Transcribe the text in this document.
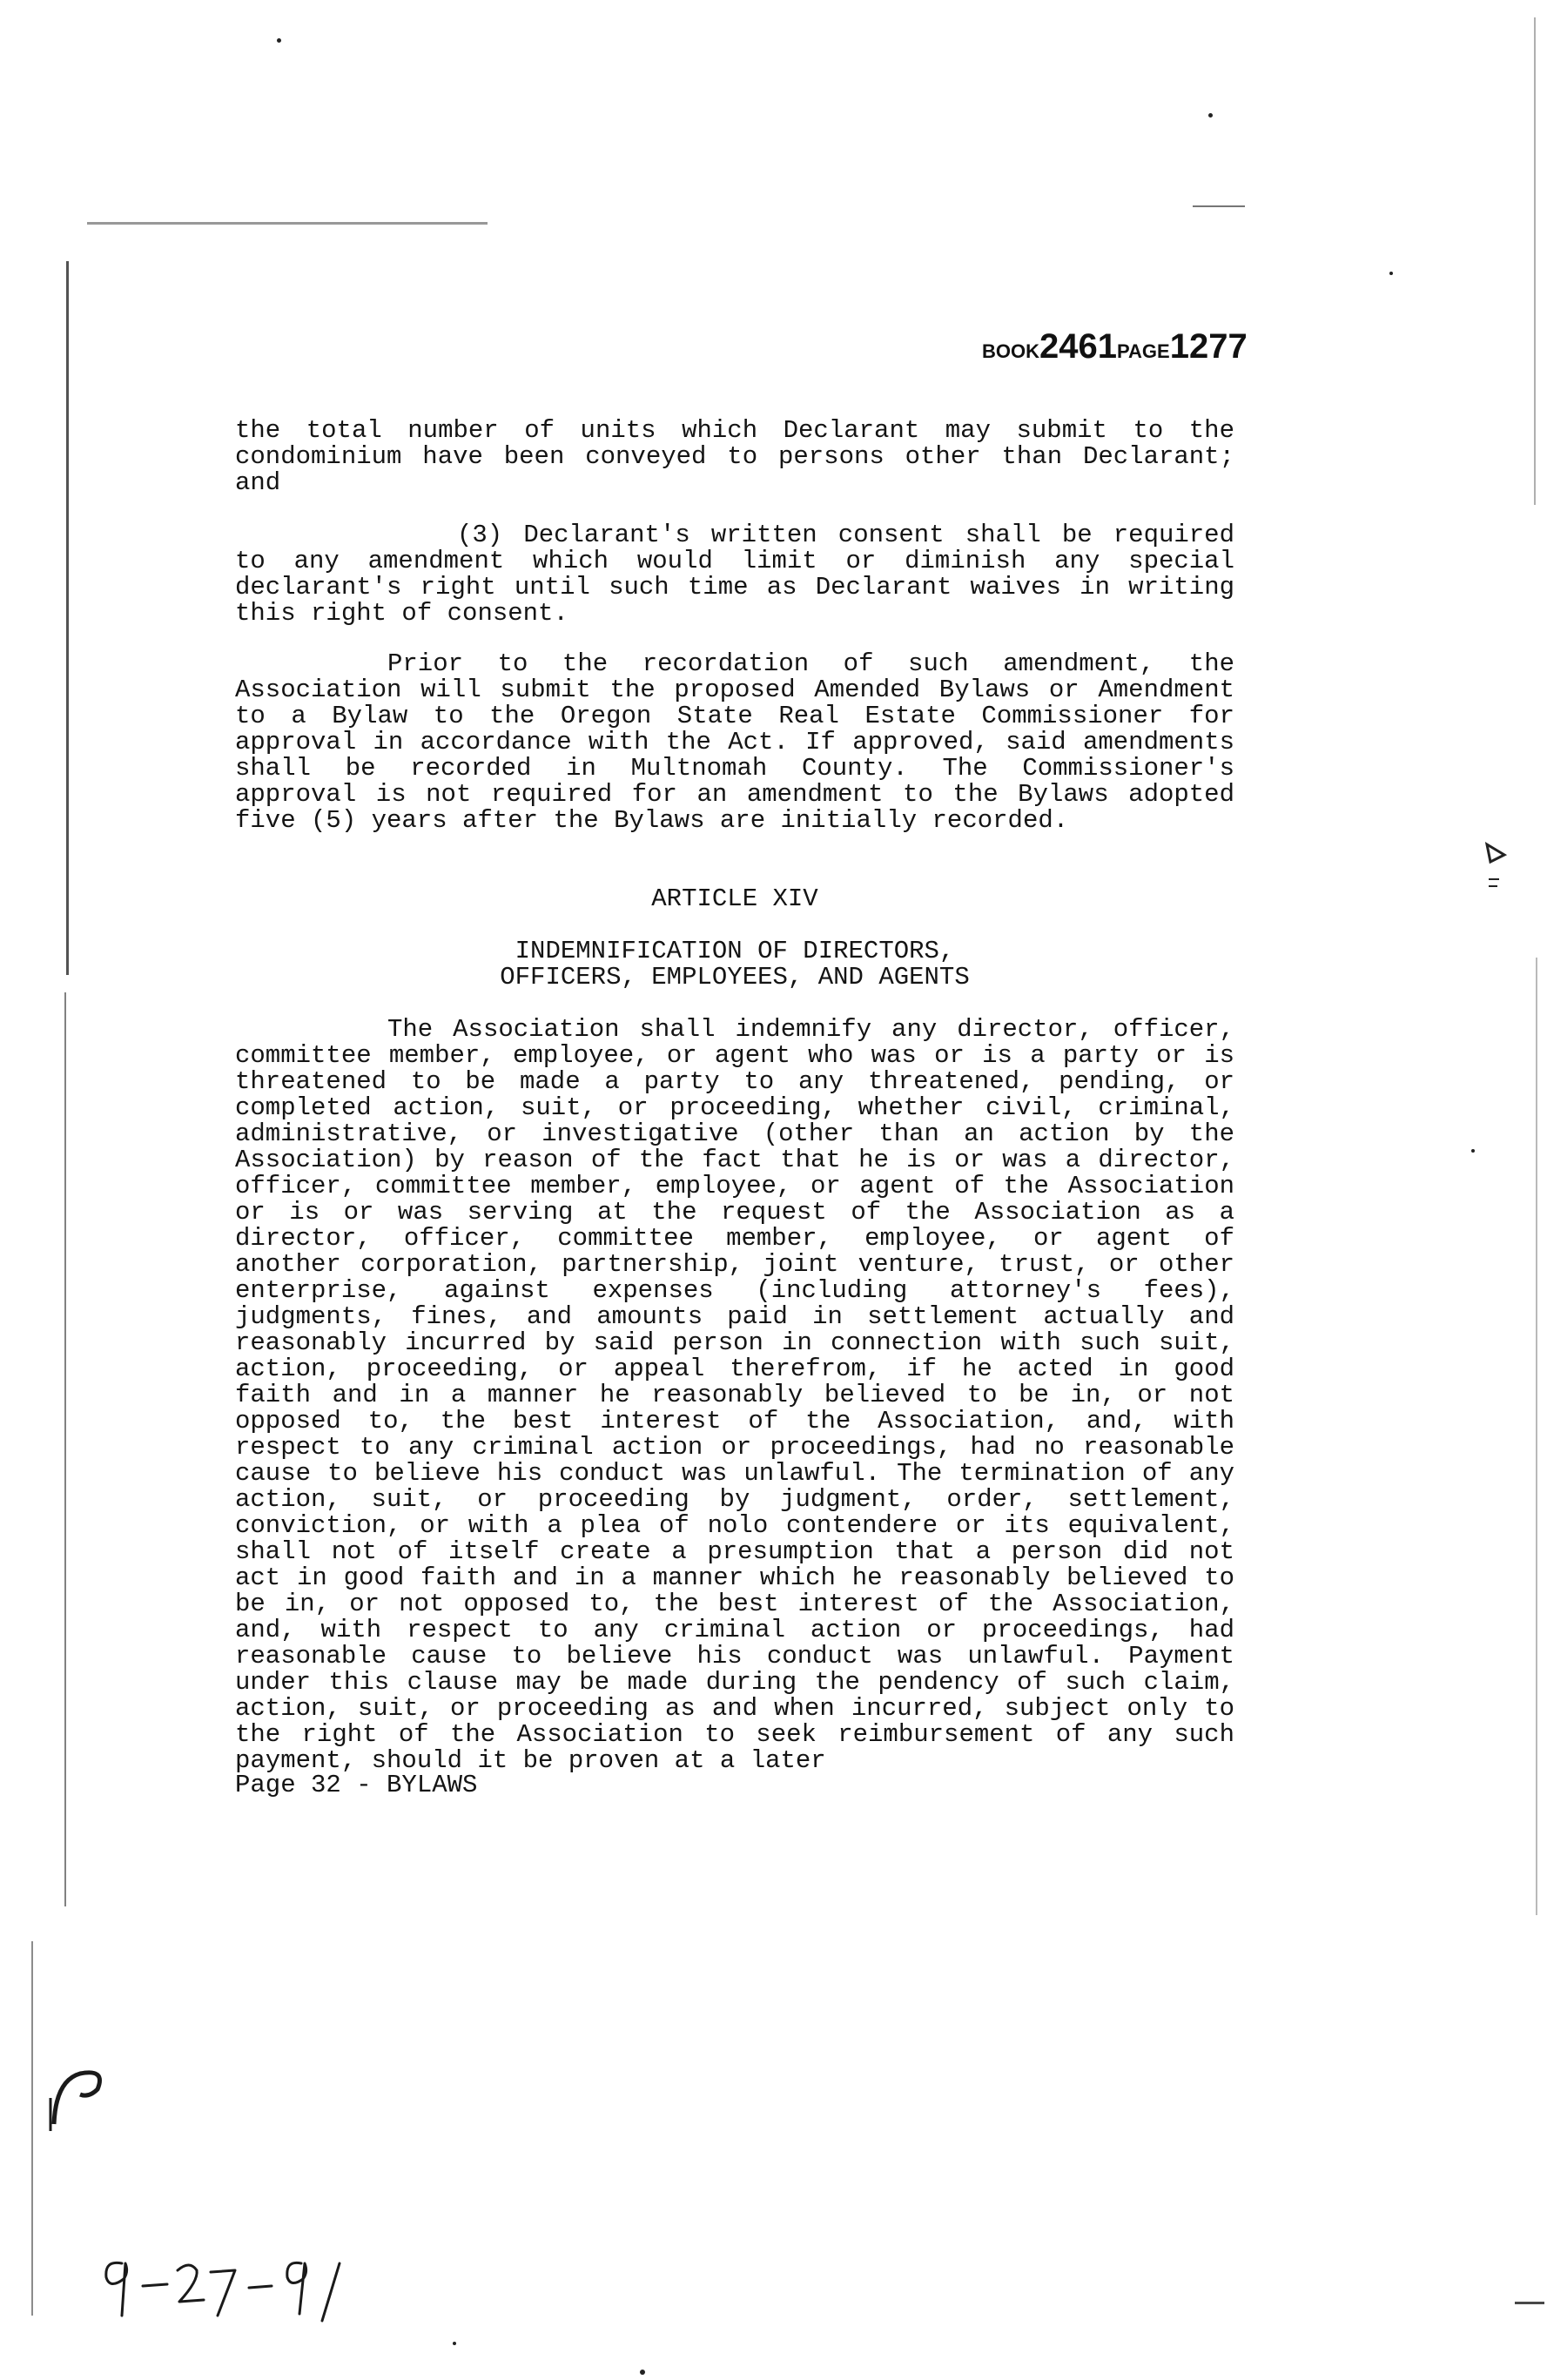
BOOK2461PAGE1277

the total number of units which Declarant may submit to the condominium have been conveyed to persons other than Declarant; and

(3) Declarant's written consent shall be required to any amendment which would limit or diminish any special declarant's right until such time as Declarant waives in writing this right of consent.

Prior to the recordation of such amendment, the Association will submit the proposed Amended Bylaws or Amendment to a Bylaw to the Oregon State Real Estate Commissioner for approval in accordance with the Act. If approved, said amendments shall be recorded in Multnomah County. The Commissioner's approval is not required for an amendment to the Bylaws adopted five (5) years after the Bylaws are initially recorded.

ARTICLE XIV

INDEMNIFICATION OF DIRECTORS,

OFFICERS, EMPLOYEES, AND AGENTS

The Association shall indemnify any director, officer, committee member, employee, or agent who was or is a party or is threatened to be made a party to any threatened, pending, or completed action, suit, or proceeding, whether civil, criminal, administrative, or investigative (other than an action by the Association) by reason of the fact that he is or was a director, officer, committee member, employee, or agent of the Association or is or was serving at the request of the Association as a director, officer, committee member, employee, or agent of another corporation, partnership, joint venture, trust, or other enterprise, against expenses (including attorney's fees), judgments, fines, and amounts paid in settlement actually and reasonably incurred by said person in connection with such suit, action, proceeding, or appeal therefrom, if he acted in good faith and in a manner he reasonably believed to be in, or not opposed to, the best interest of the Association, and, with respect to any criminal action or proceedings, had no reasonable cause to believe his conduct was unlawful. The termination of any action, suit, or proceeding by judgment, order, settlement, conviction, or with a plea of nolo contendere or its equivalent, shall not of itself create a presumption that a person did not act in good faith and in a manner which he reasonably believed to be in, or not opposed to, the best interest of the Association, and, with respect to any criminal action or proceedings, had reasonable cause to believe his conduct was unlawful. Payment under this clause may be made during the pendency of such claim, action, suit, or proceeding as and when incurred, subject only to the right of the Association to seek reimbursement of any such payment, should it be proven at a later

Page 32 - BYLAWS
